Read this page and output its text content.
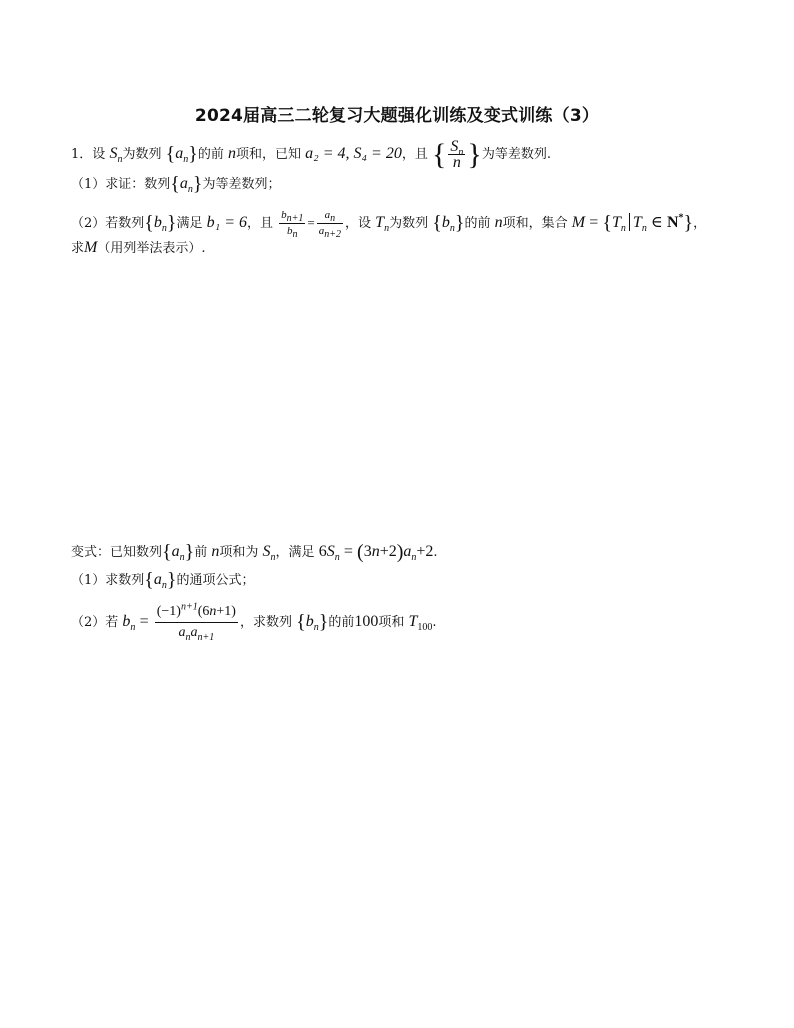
2024届高三二轮复习大题强化训练及变式训练（3）
1．设 $S_n$为数列 $\{a_n\}$的前 n项和，已知 a₂ = 4, S₄ = 20，且 { $\frac{S_n}{n}$ }为等差数列.
（1）求证：数列$\{a_n\}$为等差数列；
（2）若数列$\{b_n\}$满足 b₁ = 6，且 $\frac{b_{n+1}}{b_n} = \frac{a_n}{a_{n+2}}$ ，设 $T_n$为数列 $\{b_n\}$的前 n项和，集合 $M = \{T_n$ $T_n$ ∈ N*}，
求M（用列举法表示）.
变式：已知数列$\{a_n\}$前 n项和为 $S_n$，满足 $6S_n = (3n+2)a_n+2$.
（1）求数列$\{a_n\}$的通项公式；
（2）若 $b_n = \frac{(-1)^{n+1}(6n+1)}{a_na_{n+1}}$ ，求数列 $\{b_n\}$的前100项和 $T_{100}$.
